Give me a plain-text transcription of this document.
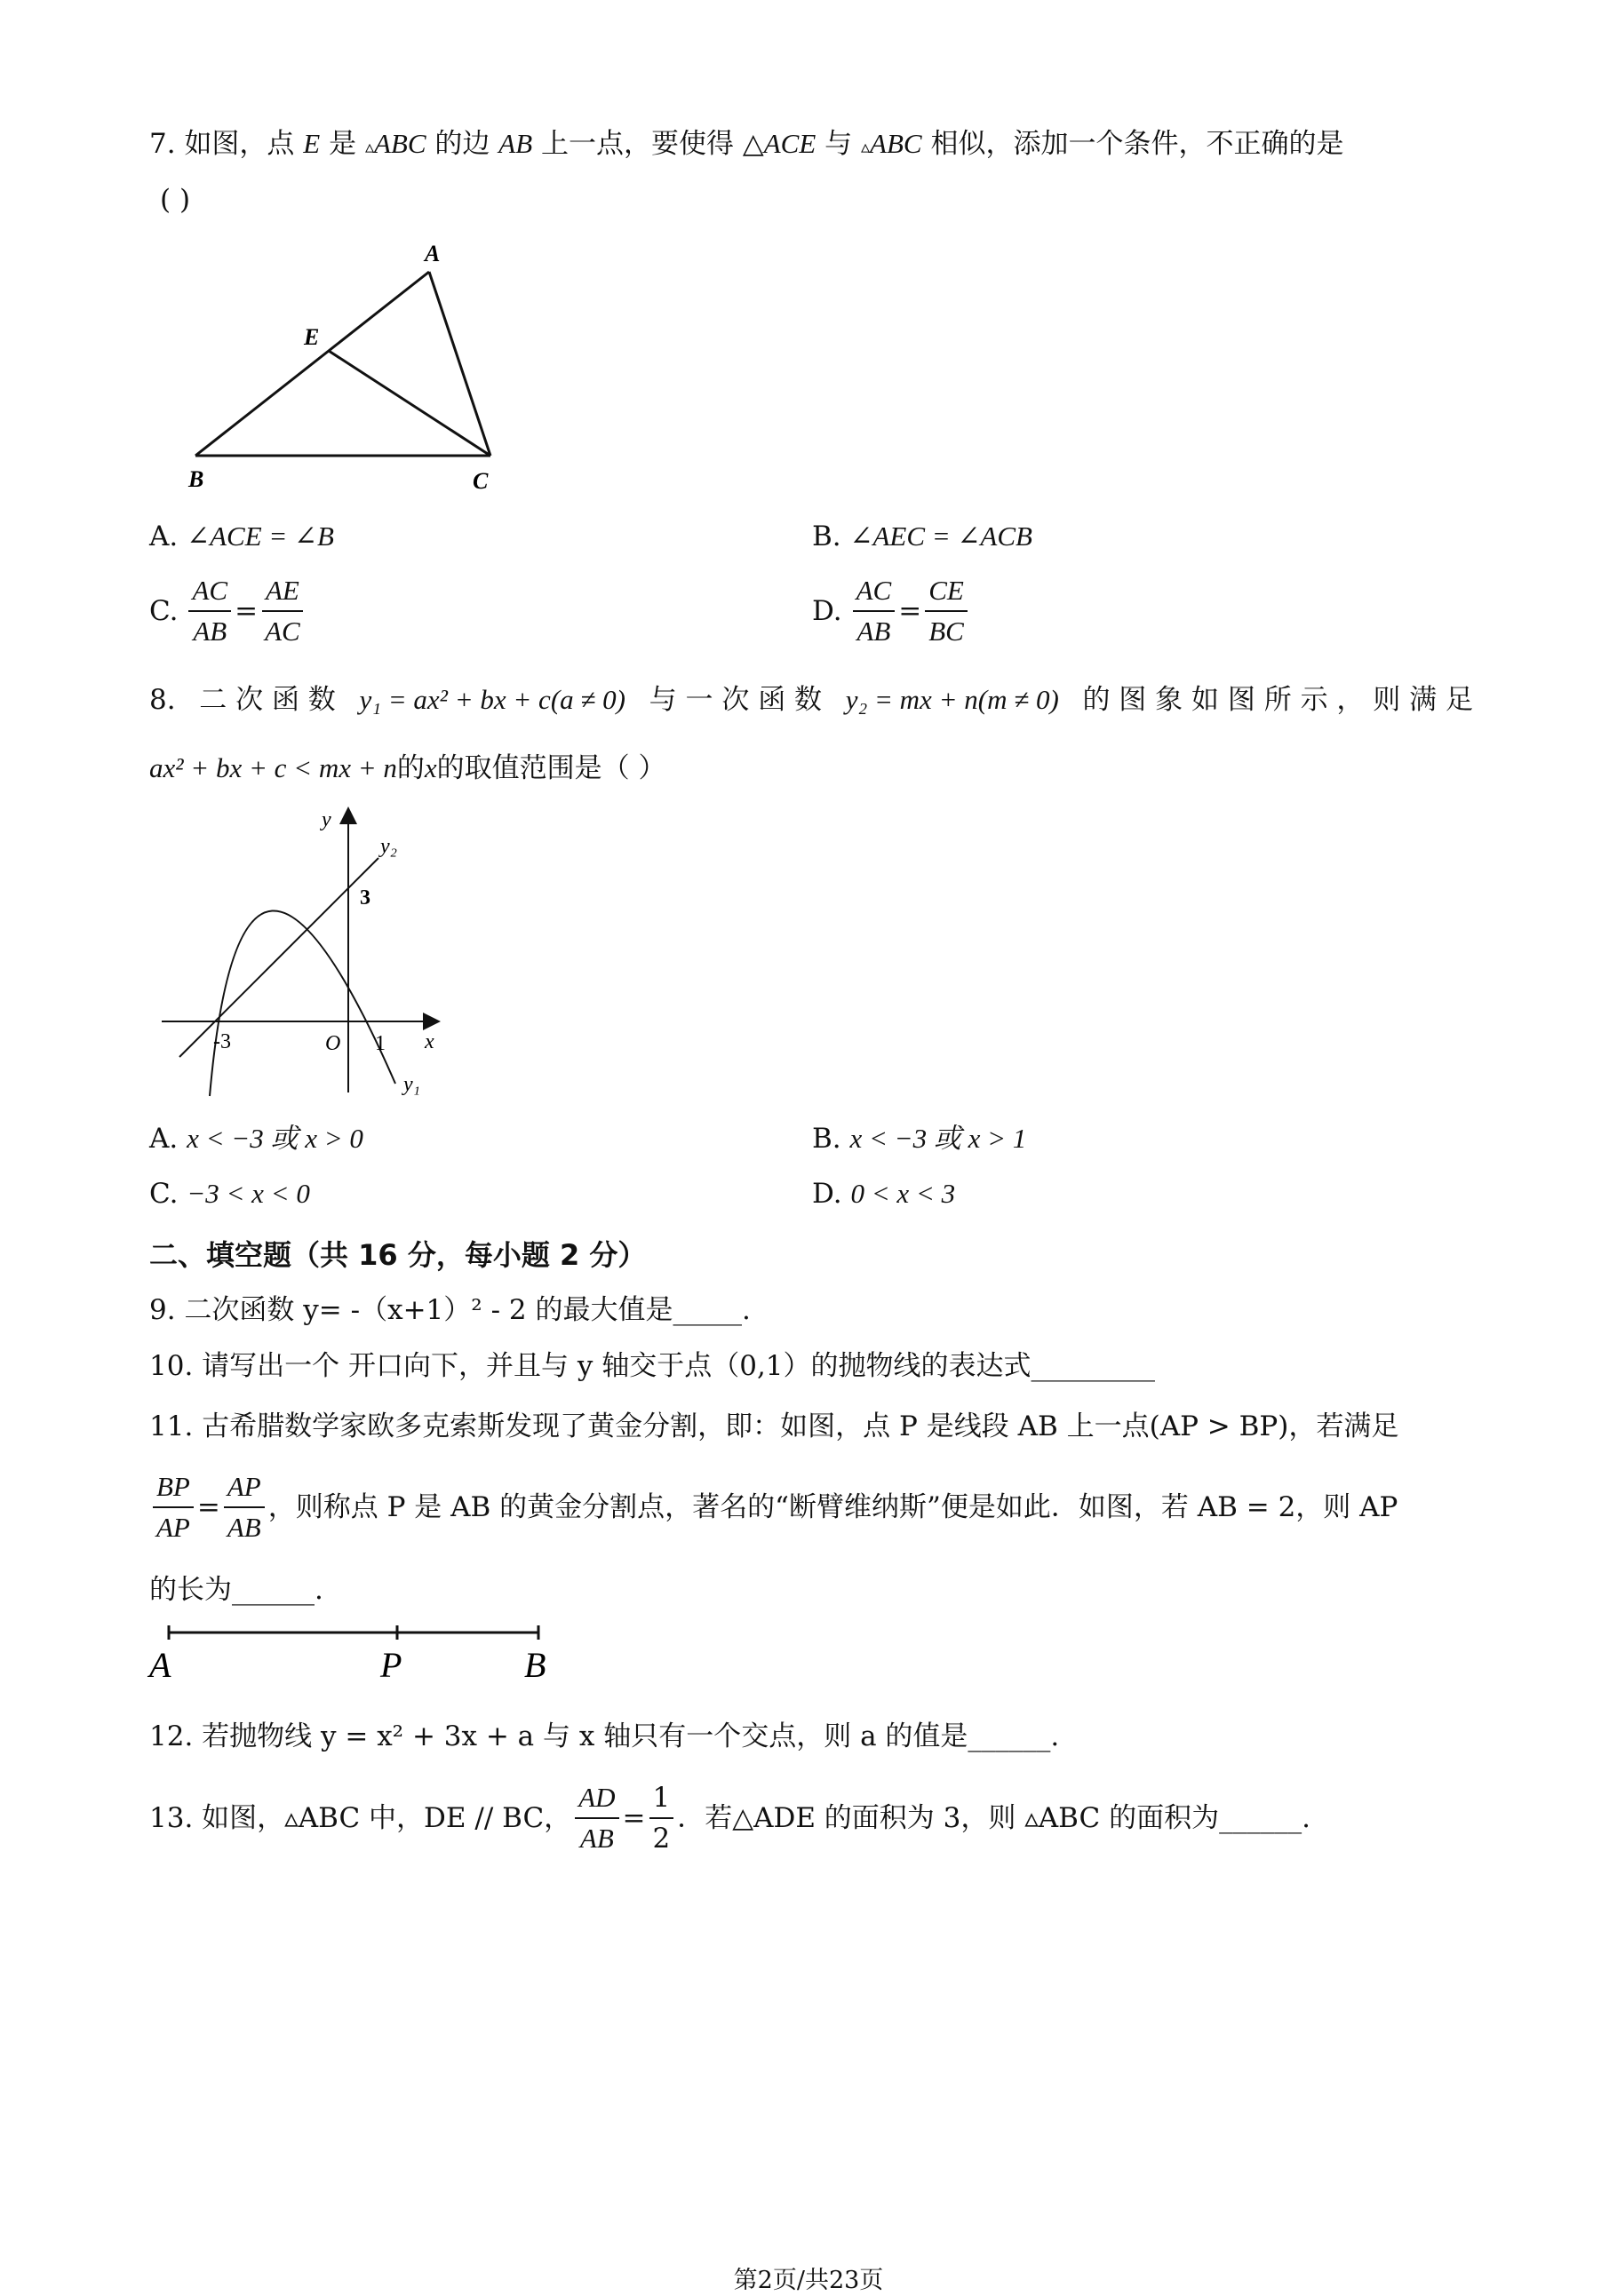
7. 如图，点 E 是 ▵ABC 的边 AB 上一点，要使得 △ACE 与 ▵ABC 相似，添加一个条件，不正确的是
( )
A
E
B	C
A. ∠ACE = ∠B	B. ∠AEC = ∠ACB
C. $\frac{AC}{AB} = \frac{AE}{AC}$	D. $\frac{AC}{AB} = \frac{CE}{BC}$
8. 二 次 函 数 y₁ = ax² + bx + c(a ≠ 0) 与 一 次 函 数 y₂ = mx + n(m ≠ 0) 的 图 象 如 图 所 示 ， 则 满 足
ax² + bx + c < mx + n的x的取值范围是（ ）
y
y₂
3
-3	O 1 x
y₁
A. x < −3 或 x > 0	B. x < −3 或 x > 1
C. −3 < x < 0	D. 0 < x < 3
二、填空题（共 16 分，每小题 2 分）
9. 二次函数 y= -（x+1）² - 2 的最大值是_____.
10. 请写出一个 开口向下，并且与 y 轴交于点（0,1）的抛物线的表达式_________
11. 古希腊数学家欧多克索斯发现了黄金分割，即：如图，点 P 是线段 AB 上一点(AP > BP)，若满足
$\frac{BP}{AP} = \frac{AP}{AB}$ ，则称点 P 是 AB 的黄金分割点，著名的“断臂维纳斯”便是如此．如图，若 AB = 2，则 AP
的长为______.
A	P	B
12. 若抛物线 y = x² + 3x + a 与 x 轴只有一个交点，则 a 的值是______.
13. 如图，▵ABC 中，DE // BC， $\frac{AD}{AB} = \frac{1}{2}$ ．若△ADE 的面积为 3，则 ▵ABC 的面积为______.
第2页/共23页
